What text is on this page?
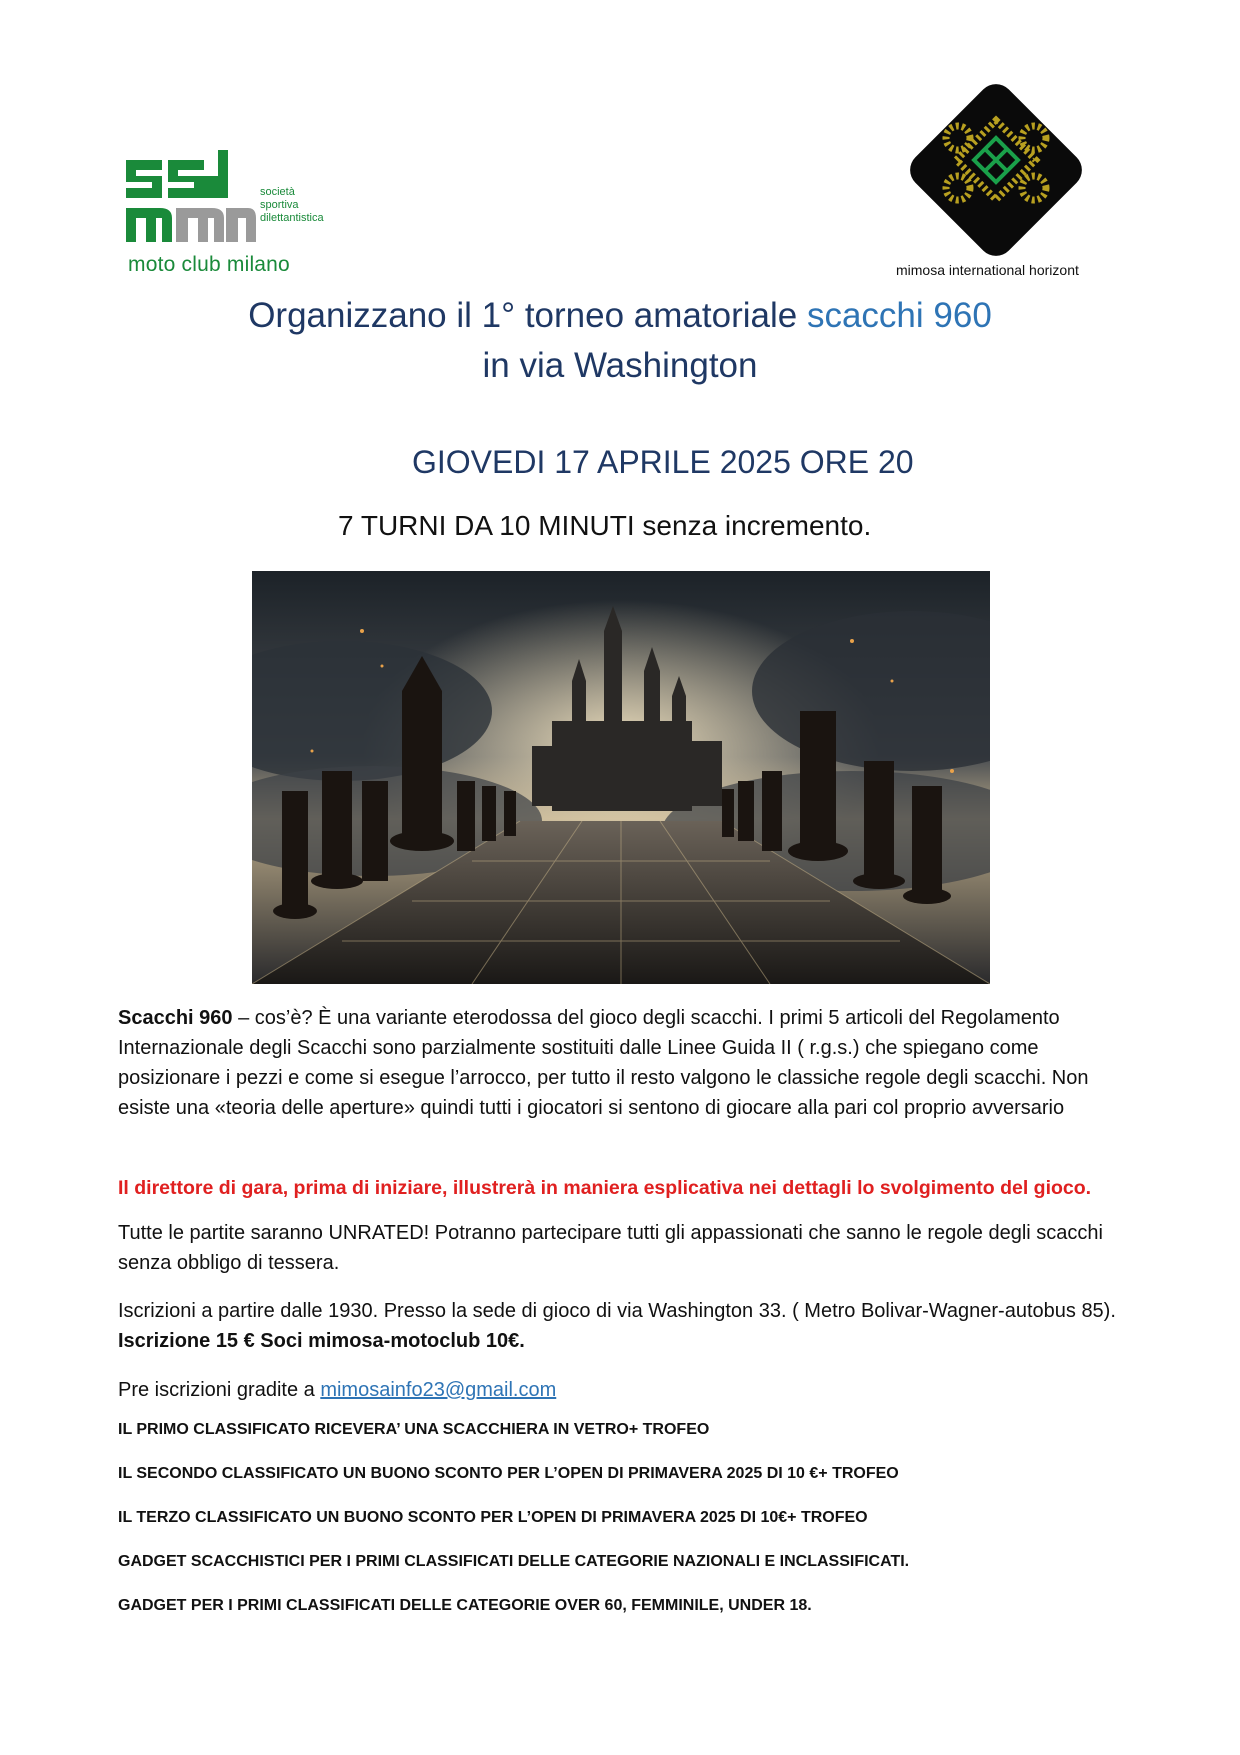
società
sportiva
dilettantistica
moto club milano	mimosa international horizont
Organizzano il 1° torneo amatoriale scacchi 960
in via Washington
GIOVEDI 17 APRILE 2025 ORE 20
7 TURNI DA 10 MINUTI senza incremento.
Scacchi 960 – cos’è? È una variante eterodossa del gioco degli scacchi. I primi 5 articoli del Regolamento Internazionale degli Scacchi sono parzialmente sostituiti dalle Linee Guida II ( r.g.s.) che spiegano come posizionare i pezzi e come si esegue l’arrocco, per tutto il resto valgono le classiche regole degli scacchi. Non esiste una «teoria delle aperture» quindi tutti i giocatori si sentono di giocare alla pari col proprio avversario
Il direttore di gara, prima di iniziare, illustrerà in maniera esplicativa nei dettagli lo svolgimento del gioco.
Tutte le partite saranno UNRATED! Potranno partecipare tutti gli appassionati che sanno le regole degli scacchi senza obbligo di tessera.
Iscrizioni a partire dalle 1930. Presso la sede di gioco di via Washington 33. ( Metro Bolivar-Wagner-autobus 85). Iscrizione 15 € Soci mimosa-motoclub 10€.
Pre iscrizioni gradite a mimosainfo23@gmail.com
IL PRIMO CLASSIFICATO RICEVERA’ UNA SCACCHIERA IN VETRO+ TROFEO
IL SECONDO CLASSIFICATO UN BUONO SCONTO PER L’OPEN DI PRIMAVERA 2025 DI 10 €+ TROFEO
IL TERZO CLASSIFICATO UN BUONO SCONTO PER L’OPEN DI PRIMAVERA 2025 DI 10€+ TROFEO
GADGET SCACCHISTICI PER I PRIMI CLASSIFICATI DELLE CATEGORIE NAZIONALI E INCLASSIFICATI.
GADGET PER I PRIMI CLASSIFICATI DELLE CATEGORIE OVER 60, FEMMINILE, UNDER 18.
